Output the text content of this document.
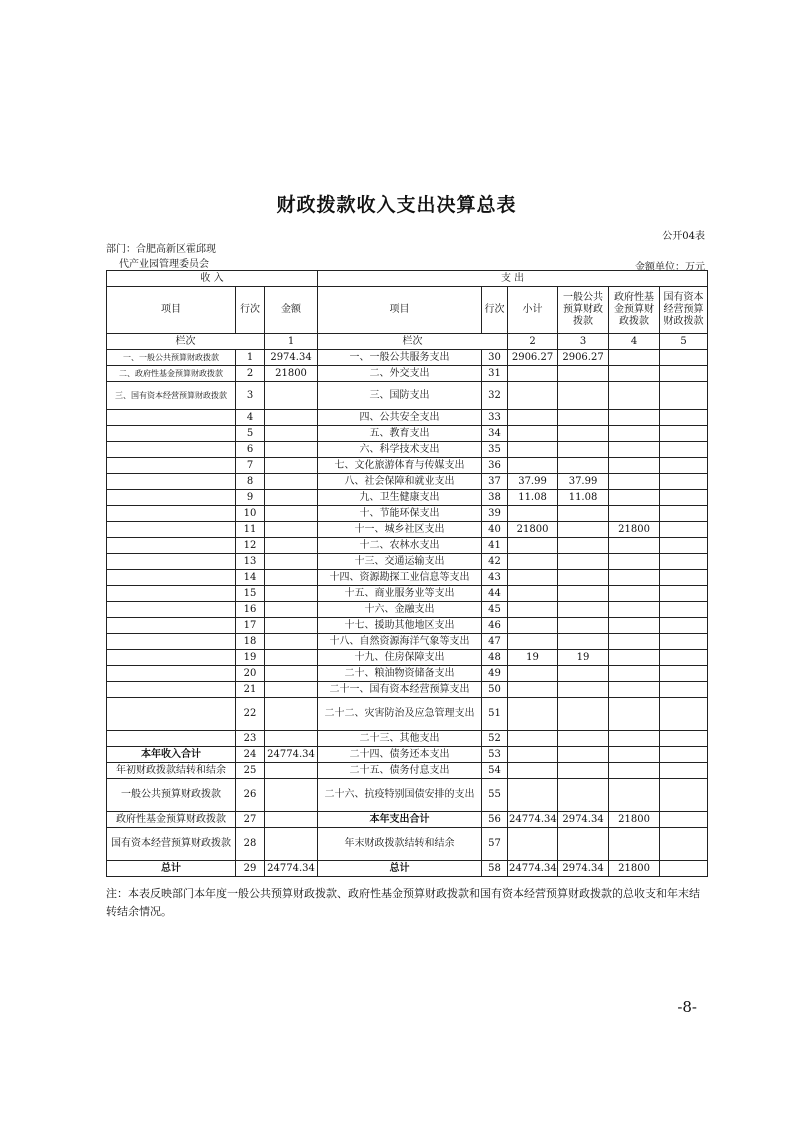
财政拨款收入支出决算总表
公开04表
部门：合肥高新区霍邱现
代产业园管理委员会	金额单位：万元
收 入			支 出					
项目	行次	金额	项目	行次	小计	一般公共预算财政拨款	政府性基金预算财政拨款	国有资本经营预算财政拨款
栏次		1	栏次		2	3	4	5
一、一般公共预算财政拨款	1	2974.34	一、一般公共服务支出	30	2906.27	2906.27		
二、政府性基金预算财政拨款	2	21800	二、外交支出	31				
三、国有资本经营预算财政拨款	3		三、国防支出	32				
	4		四、公共安全支出	33				
	5		五、教育支出	34				
	6		六、科学技术支出	35				
	7		七、文化旅游体育与传媒支出	36				
	8		八、社会保障和就业支出	37	37.99	37.99		
	9		九、卫生健康支出	38	11.08	11.08		
	10		十、节能环保支出	39				
	11		十一、城乡社区支出	40	21800		21800	
	12		十二、农林水支出	41				
	13		十三、交通运输支出	42				
	14		十四、资源勘探工业信息等支出	43				
	15		十五、商业服务业等支出	44				
	16		十六、金融支出	45				
	17		十七、援助其他地区支出	46				
	18		十八、自然资源海洋气象等支出	47				
	19		十九、住房保障支出	48	19	19		
	20		二十、粮油物资储备支出	49				
	21		二十一、国有资本经营预算支出	50				
	22		二十二、灾害防治及应急管理支出	51				
	23		二十三、其他支出	52				
本年收入合计	24	24774.34	二十四、债务还本支出	53				
年初财政拨款结转和结余	25		二十五、债务付息支出	54				
一般公共预算财政拨款	26		二十六、抗疫特别国债安排的支出	55				
政府性基金预算财政拨款	27		本年支出合计	56	24774.34	2974.34	21800	
国有资本经营预算财政拨款	28		年末财政拨款结转和结余	57				
总计	29	24774.34	总计	58	24774.34	2974.34	21800	
注：本表反映部门本年度一般公共预算财政拨款、政府性基金预算财政拨款和国有资本经营预算财政拨款的总收支和年末结转结余情况。
-8-
